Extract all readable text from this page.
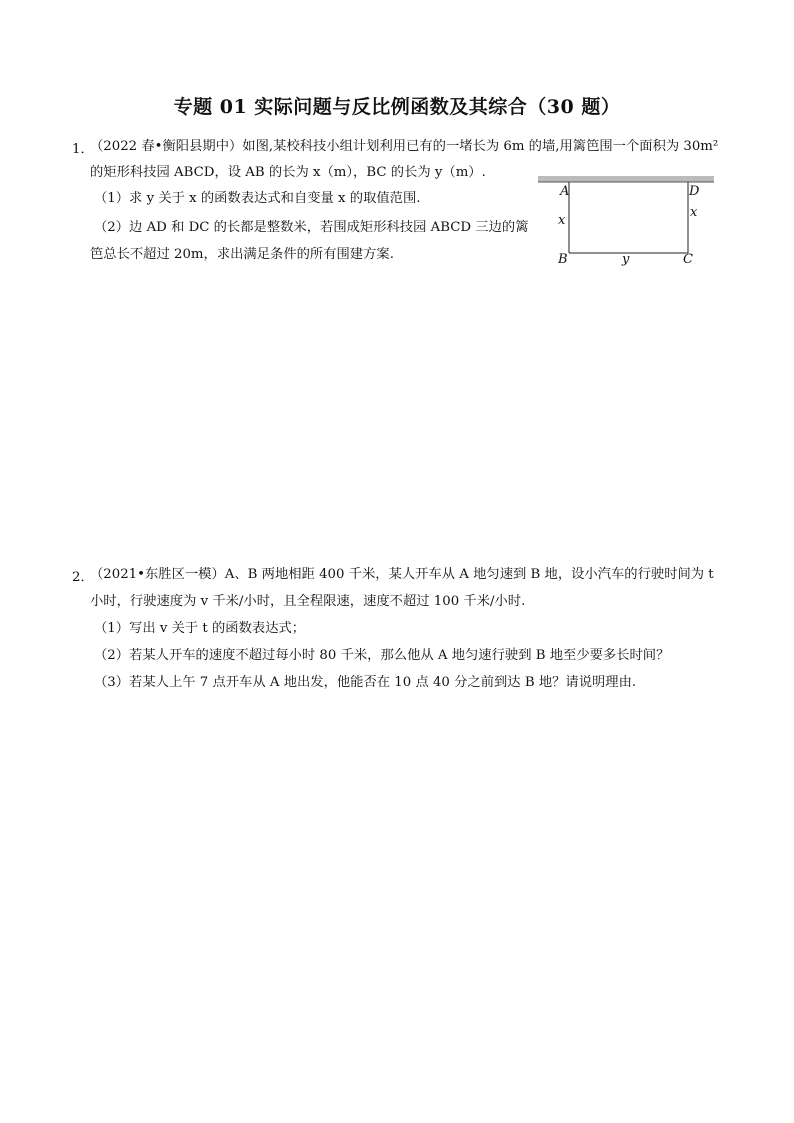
专题 01 实际问题与反比例函数及其综合（30 题）
1．
（2022 春•衡阳县期中）如图,某校科技小组计划利用已有的一堵长为 6m 的墙,用篱笆围一个面积为 30m²
的矩形科技园 ABCD，设 AB 的长为 x（m），BC 的长为 y（m）.
（1）求 y 关于 x 的函数表达式和自变量 x 的取值范围.
（2）边 AD 和 DC 的长都是整数米，若围成矩形科技园 ABCD 三边的篱
笆总长不超过 20m，求出满足条件的所有围建方案.
A	D
B	C
x
x
y
2．
（2021•东胜区一模）A、B 两地相距 400 千米，某人开车从 A 地匀速到 B 地，设小汽车的行驶时间为 t
小时，行驶速度为 v 千米/小时，且全程限速，速度不超过 100 千米/小时.
（1）写出 v 关于 t 的函数表达式；
（2）若某人开车的速度不超过每小时 80 千米，那么他从 A 地匀速行驶到 B 地至少要多长时间？
（3）若某人上午 7 点开车从 A 地出发，他能否在 10 点 40 分之前到达 B 地？请说明理由.
